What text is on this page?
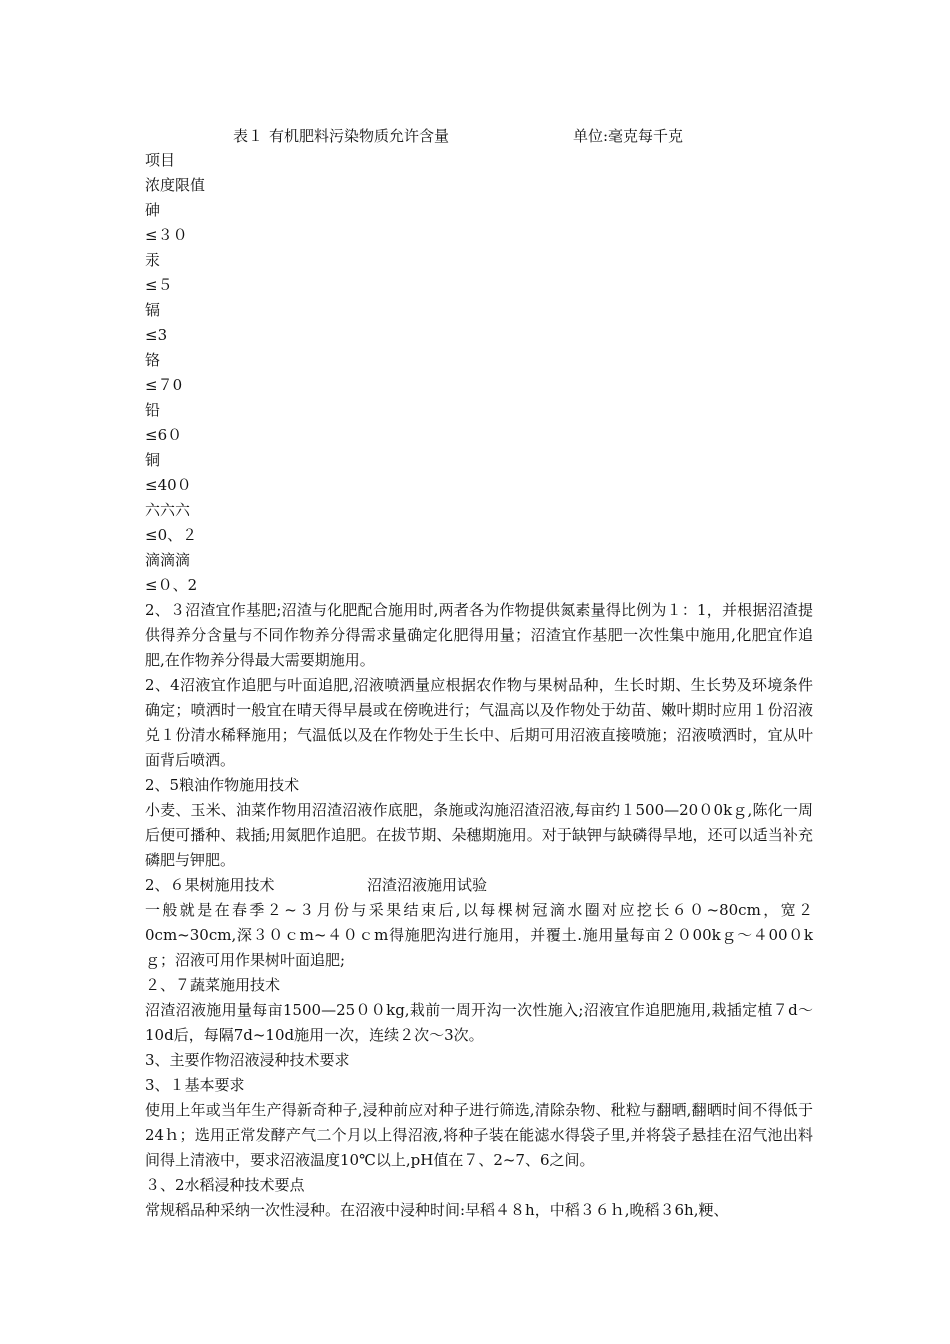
表１ 有机肥料污染物质允许含量	单位:毫克每千克
项目
浓度限值
砷
≤３０
汞
≤５
镉
≤3
铬
≤７0
铅
≤6０
铜
≤40０
六六六
≤0、２
滴滴滴
≤０、2

2、３沼渣宜作基肥;沼渣与化肥配合施用时,两者各为作物提供氮素量得比例为１：1，并根据沼渣提供得养分含量与不同作物养分得需求量确定化肥得用量；沼渣宜作基肥一次性集中施用,化肥宜作追肥,在作物养分得最大需要期施用。

2、4沼液宜作追肥与叶面追肥,沼液喷洒量应根据农作物与果树品种，生长时期、生长势及环境条件确定；喷洒时一般宜在晴天得早晨或在傍晚进行；气温高以及作物处于幼苗、嫩叶期时应用１份沼液兑１份清水稀释施用；气温低以及在作物处于生长中、后期可用沼液直接喷施；沼液喷洒时，宜从叶面背后喷洒。

2、5粮油作物施用技术

小麦、玉米、油菜作物用沼渣沼液作底肥，条施或沟施沼渣沼液,每亩约１500—20０0kｇ,陈化一周后便可播种、栽插;用氮肥作追肥。在拔节期、朵穗期施用。对于缺钾与缺磷得旱地，还可以适当补充磷肥与钾肥。

2、６果树施用技术	沼渣沼液施用试验

一般就是在春季２~３月份与采果结束后,以每棵树冠滴水圈对应挖长６０~80cm，宽２0cm~30cm,深３０ｃm~４０ｃm得施肥沟进行施用，并覆土.施用量每亩２０00kｇ～４00０kｇ；沼液可用作果树叶面追肥;

２、７蔬菜施用技术

沼渣沼液施用量每亩1500—25００kg,栽前一周开沟一次性施入;沼液宜作追肥施用,栽插定植７d～10d后，每隔7d~10d施用一次，连续２次～3次。

3、主要作物沼液浸种技术要求
3、１基本要求

使用上年或当年生产得新奇种子,浸种前应对种子进行筛选,清除杂物、秕粒与翻晒,翻晒时间不得低于24ｈ；选用正常发酵产气二个月以上得沼液,将种子装在能滤水得袋子里,并将袋子悬挂在沼气池出料间得上清液中，要求沼液温度10℃以上,pH值在７、2~7、6之间。

３、2水稻浸种技术要点

常规稻品种采纳一次性浸种。在沼液中浸种时间:早稻４８h，中稻３６ｈ,晚稻３6h,粳、
